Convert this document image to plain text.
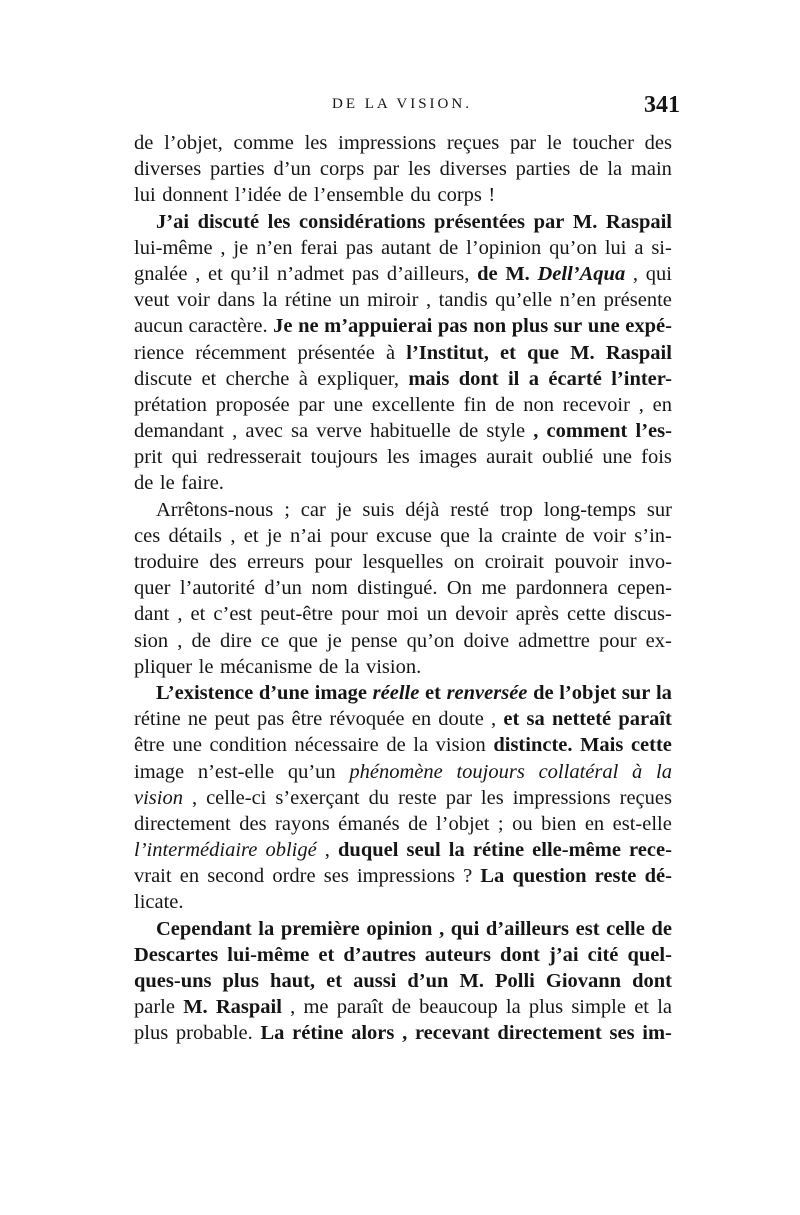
DE LA VISION.	341
de l’objet, comme les impressions reçues par le toucher des
diverses parties d’un corps par les diverses parties de la main
lui donnent l’idée de l’ensemble du corps !
J’ai discuté les considérations présentées par M. Raspail
lui-même , je n’en ferai pas autant de l’opinion qu’on lui a si-
gnalée , et qu’il n’admet pas d’ailleurs, de M. Dell’Aqua , qui
veut voir dans la rétine un miroir , tandis qu’elle n’en présente
aucun caractère. Je ne m’appuierai pas non plus sur une expé-
rience récemment présentée à l’Institut, et que M. Raspail
discute et cherche à expliquer, mais dont il a écarté l’inter-
prétation proposée par une excellente fin de non recevoir , en
demandant , avec sa verve habituelle de style , comment l’es-
prit qui redresserait toujours les images aurait oublié une fois
de le faire.
Arrêtons-nous ; car je suis déjà resté trop long-temps sur
ces détails , et je n’ai pour excuse que la crainte de voir s’in-
troduire des erreurs pour lesquelles on croirait pouvoir invo-
quer l’autorité d’un nom distingué. On me pardonnera cepen-
dant , et c’est peut-être pour moi un devoir après cette discus-
sion , de dire ce que je pense qu’on doive admettre pour ex-
pliquer le mécanisme de la vision.
L’existence d’une image réelle et renversée de l’objet sur la
rétine ne peut pas être révoquée en doute , et sa netteté paraît
être une condition nécessaire de la vision distincte. Mais cette
image n’est-elle qu’un phénomène toujours collatéral à la
vision , celle-ci s’exerçant du reste par les impressions reçues
directement des rayons émanés de l’objet ; ou bien en est-elle
l’intermédiaire obligé , duquel seul la rétine elle-même rece-
vrait en second ordre ses impressions ? La question reste dé-
licate.
Cependant la première opinion , qui d’ailleurs est celle de
Descartes lui-même et d’autres auteurs dont j’ai cité quel-
ques-uns plus haut, et aussi d’un M. Polli Giovann dont
parle M. Raspail , me paraît de beaucoup la plus simple et la
plus probable. La rétine alors , recevant directement ses im-
